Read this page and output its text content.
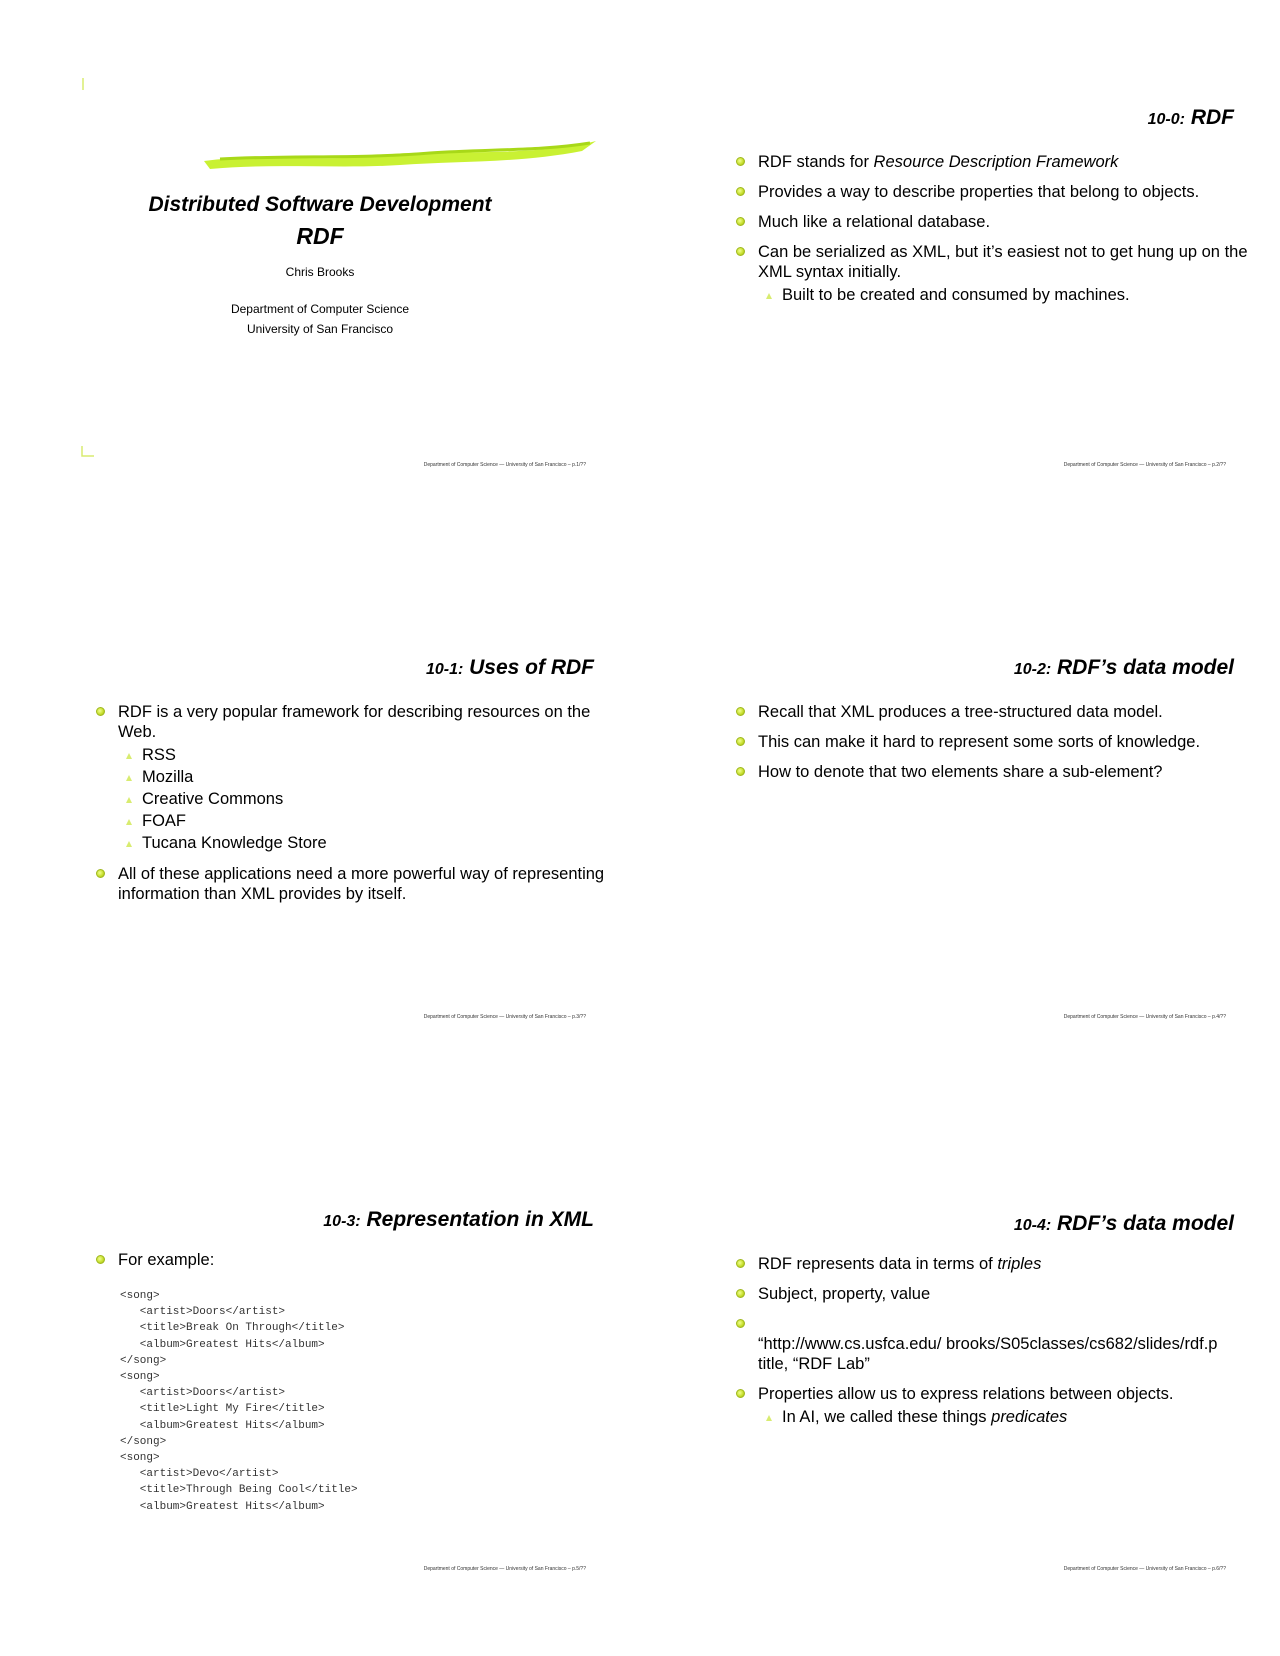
Distributed Software Development
RDF
Chris Brooks
Department of Computer Science
University of San Francisco
Department of Computer Science — University of San Francisco – p.1/??
10-0: RDF
RDF stands for Resource Description Framework
Provides a way to describe properties that belong to objects.
Much like a relational database.
Can be serialized as XML, but it’s easiest not to get hung up on the XML syntax initially.
Built to be created and consumed by machines.
Department of Computer Science — University of San Francisco – p.2/??
10-1: Uses of RDF
RDF is a very popular framework for describing resources on the Web.
RSS
Mozilla
Creative Commons
FOAF
Tucana Knowledge Store
All of these applications need a more powerful way of representing information than XML provides by itself.
Department of Computer Science — University of San Francisco – p.3/??
10-2: RDF’s data model
Recall that XML produces a tree-structured data model.
This can make it hard to represent some sorts of knowledge.
How to denote that two elements share a sub-element?
Department of Computer Science — University of San Francisco – p.4/??
10-3: Representation in XML
For example:
<song>
<artist>Doors</artist>
<title>Break On Through</title>
<album>Greatest Hits</album>
</song>
<song>
<artist>Doors</artist>
<title>Light My Fire</title>
<album>Greatest Hits</album>
</song>
<song>
<artist>Devo</artist>
<title>Through Being Cool</title>
<album>Greatest Hits</album>
Department of Computer Science — University of San Francisco – p.5/??
10-4: RDF’s data model
RDF represents data in terms of triples
Subject, property, value
“http://www.cs.usfca.edu/ brooks/S05classes/cs682/slides/rdf.p
title, “RDF Lab”
Properties allow us to express relations between objects.
In AI, we called these things predicates
Department of Computer Science — University of San Francisco – p.6/??
